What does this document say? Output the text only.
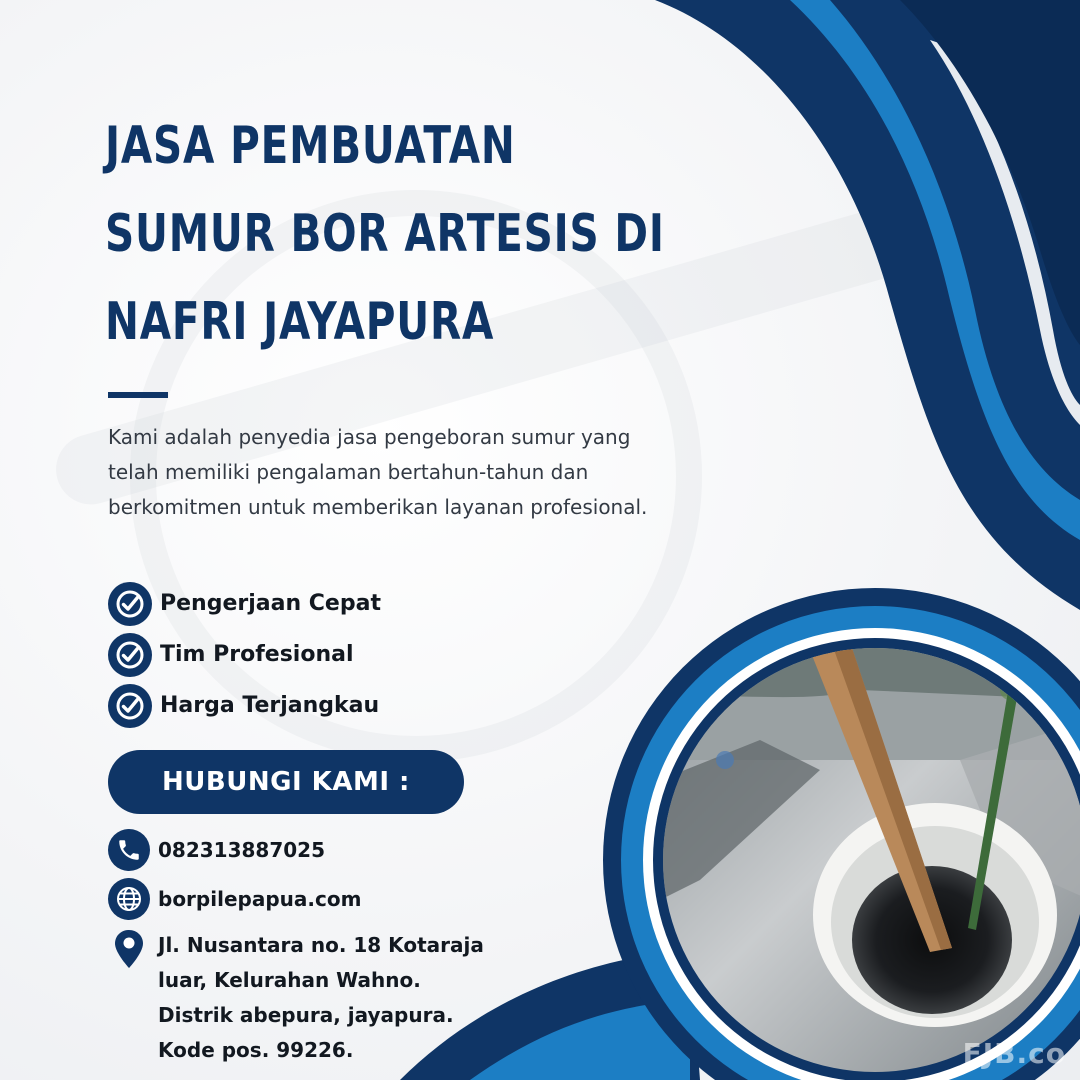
JASA PEMBUATAN
SUMUR BOR ARTESIS DI
NAFRI JAYAPURA

Kami adalah penyedia jasa pengeboran sumur yang
telah memiliki pengalaman bertahun-tahun dan
berkomitmen untuk memberikan layanan profesional.

Pengerjaan Cepat
Tim Profesional
Harga Terjangkau
HUBUNGI KAMI :
082313887025
borpilepapua.com

Jl. Nusantara no. 18 Kotaraja
luar, Kelurahan Wahno.
Distrik abepura, jayapura.
Kode pos. 99226.	FJB.co
